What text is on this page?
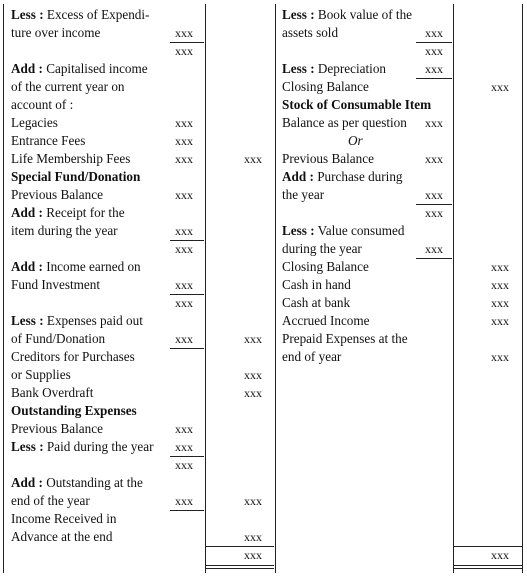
Less : Excess of Expendi-
ture over income
Add : Capitalised income
of the current year on
account of :
Legacies
Entrance Fees
Life Membership Fees
Special Fund/Donation
Previous Balance
Add : Receipt for the
item during the year
Add : Income earned on
Fund Investment
Less : Expenses paid out
of Fund/Donation
Creditors for Purchases
or Supplies
Bank Overdraft
Outstanding Expenses
Previous Balance
Less : Paid during the year
Add : Outstanding at the
end of the year
Income Received in
Advance at the end
Less : Book value of the
assets sold
Less : Depreciation
Closing Balance
Stock of Consumable Item
Balance as per question
Or
Previous Balance
Add : Purchase during
the year
Less : Value consumed
during the year
Closing Balance
Cash in hand
Cash at bank
Accrued Income
Prepaid Expenses at the
end of year
xxx
xxx
xxx
xxx
xxx
xxx
xxx
xxx
xxx
xxx
xxx
xxx
xxx
xxx
xxx
xxx
xxx
xxx
xxx
xxx
xxx
xxx
xxx
xxx
xxx
xxx
xxx
xxx
xxx
xxx
xxx
xxx
xxx
xxx
xxx
xxx
xxx
